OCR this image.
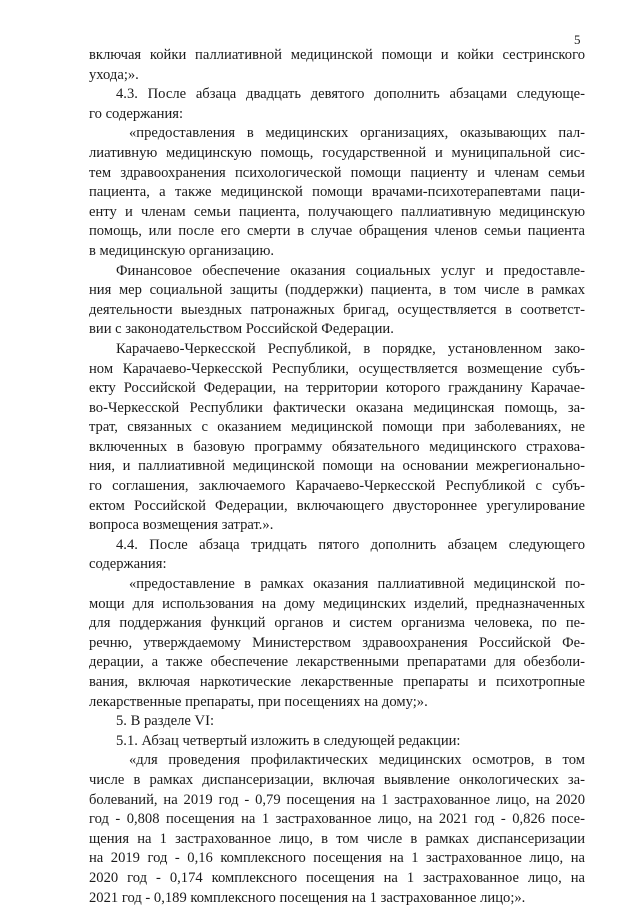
5
включая койки паллиативной медицинской помощи и койки сестринского
ухода;».
4.3. После абзаца двадцать девятого дополнить абзацами следующе-
го содержания:
«предоставления в медицинских организациях, оказывающих пал-
лиативную медицинскую помощь, государственной и муниципальной сис-
тем здравоохранения психологической помощи пациенту и членам семьи
пациента, а также медицинской помощи врачами-психотерапевтами паци-
енту и членам семьи пациента, получающего паллиативную медицинскую
помощь, или после его смерти в случае обращения членов семьи пациента
в медицинскую организацию.
Финансовое обеспечение оказания социальных услуг и предоставле-
ния мер социальной защиты (поддержки) пациента, в том числе в рамках
деятельности выездных патронажных бригад, осуществляется в соответст-
вии с законодательством Российской Федерации.
Карачаево-Черкесской Республикой, в порядке, установленном зако-
ном Карачаево-Черкесской Республики, осуществляется возмещение субъ-
екту Российской Федерации, на территории которого гражданину Карачае-
во-Черкесской Республики фактически оказана медицинская помощь, за-
трат, связанных с оказанием медицинской помощи при заболеваниях, не
включенных в базовую программу обязательного медицинского страхова-
ния, и паллиативной медицинской помощи на основании межрегионально-
го соглашения, заключаемого Карачаево-Черкесской Республикой с субъ-
ектом Российской Федерации, включающего двустороннее урегулирование
вопроса возмещения затрат.».
4.4. После абзаца тридцать пятого дополнить абзацем следующего
содержания:
«предоставление в рамках оказания паллиативной медицинской по-
мощи для использования на дому медицинских изделий, предназначенных
для поддержания функций органов и систем организма человека, по пе-
речню, утверждаемому Министерством здравоохранения Российской Фе-
дерации, а также обеспечение лекарственными препаратами для обезболи-
вания, включая наркотические лекарственные препараты и психотропные
лекарственные препараты, при посещениях на дому;».
5. В разделе VI:
5.1. Абзац четвертый изложить в следующей редакции:
«для проведения профилактических медицинских осмотров, в том
числе в рамках диспансеризации, включая выявление онкологических за-
болеваний, на 2019 год - 0,79 посещения на 1 застрахованное лицо, на 2020
год - 0,808 посещения на 1 застрахованное лицо, на 2021 год - 0,826 посе-
щения на 1 застрахованное лицо, в том числе в рамках диспансеризации
на 2019 год - 0,16 комплексного посещения на 1 застрахованное лицо, на
2020 год - 0,174 комплексного посещения на 1 застрахованное лицо, на
2021 год - 0,189 комплексного посещения на 1 застрахованное лицо;».
